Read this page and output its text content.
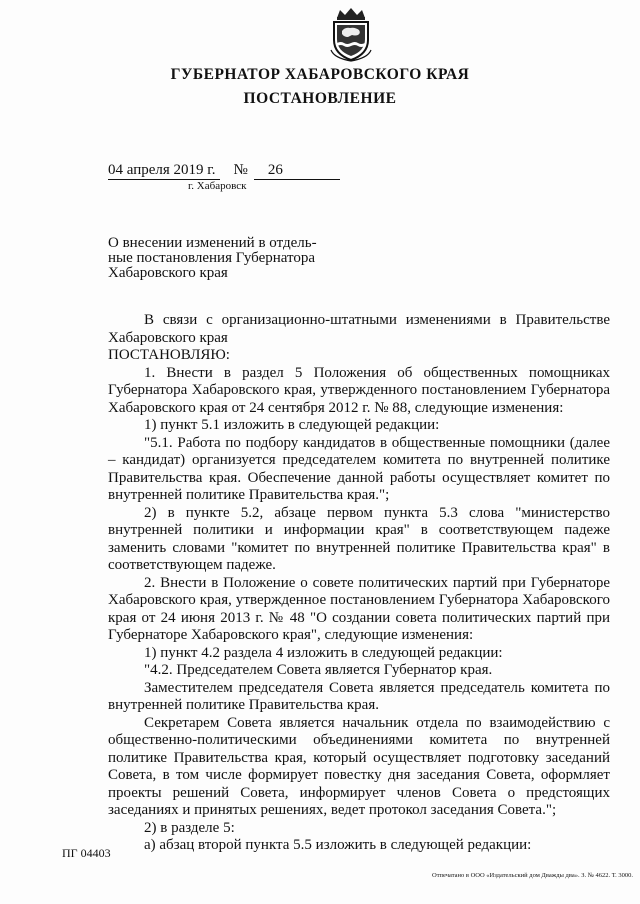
ГУБЕРНАТОР ХАБАРОВСКОГО КРАЯ
ПОСТАНОВЛЕНИЕ
04 апреля 2019 г. № 26
г. Хабаровск
О внесении изменений в отдель-
ные постановления Губернатора
Хабаровского края

В связи с организационно-штатными изменениями в Правительстве Хабаровского края

ПОСТАНОВЛЯЮ:

1. Внести в раздел 5 Положения об общественных помощниках Губернатора Хабаровского края, утвержденного постановлением Губернатора Хабаровского края от 24 сентября 2012 г. № 88, следующие изменения:

1) пункт 5.1 изложить в следующей редакции:

"5.1. Работа по подбору кандидатов в общественные помощники (далее – кандидат) организуется председателем комитета по внутренней политике Правительства края. Обеспечение данной работы осуществляет комитет по внутренней политике Правительства края.";

2) в пункте 5.2, абзаце первом пункта 5.3 слова "министерство внутренней политики и информации края" в соответствующем падеже заменить словами "комитет по внутренней политике Правительства края" в соответствующем падеже.

2. Внести в Положение о совете политических партий при Губернаторе Хабаровского края, утвержденное постановлением Губернатора Хабаровского края от 24 июня 2013 г. № 48 "О создании совета политических партий при Губернаторе Хабаровского края", следующие изменения:

1) пункт 4.2 раздела 4 изложить в следующей редакции:

"4.2. Председателем Совета является Губернатор края.

Заместителем председателя Совета является председатель комитета по внутренней политике Правительства края.

Секретарем Совета является начальник отдела по взаимодействию с общественно-политическими объединениями комитета по внутренней политике Правительства края, который осуществляет подготовку заседаний Совета, в том числе формирует повестку дня заседания Совета, оформляет проекты решений Совета, информирует членов Совета о предстоящих заседаниях и принятых решениях, ведет протокол заседания Совета.";

2) в разделе 5:

а) абзац второй пункта 5.5 изложить в следующей редакции:

ПГ 04403
Отпечатано в ООО «Издательский дом Дважды два». З. № 4622. Т. 3000.
